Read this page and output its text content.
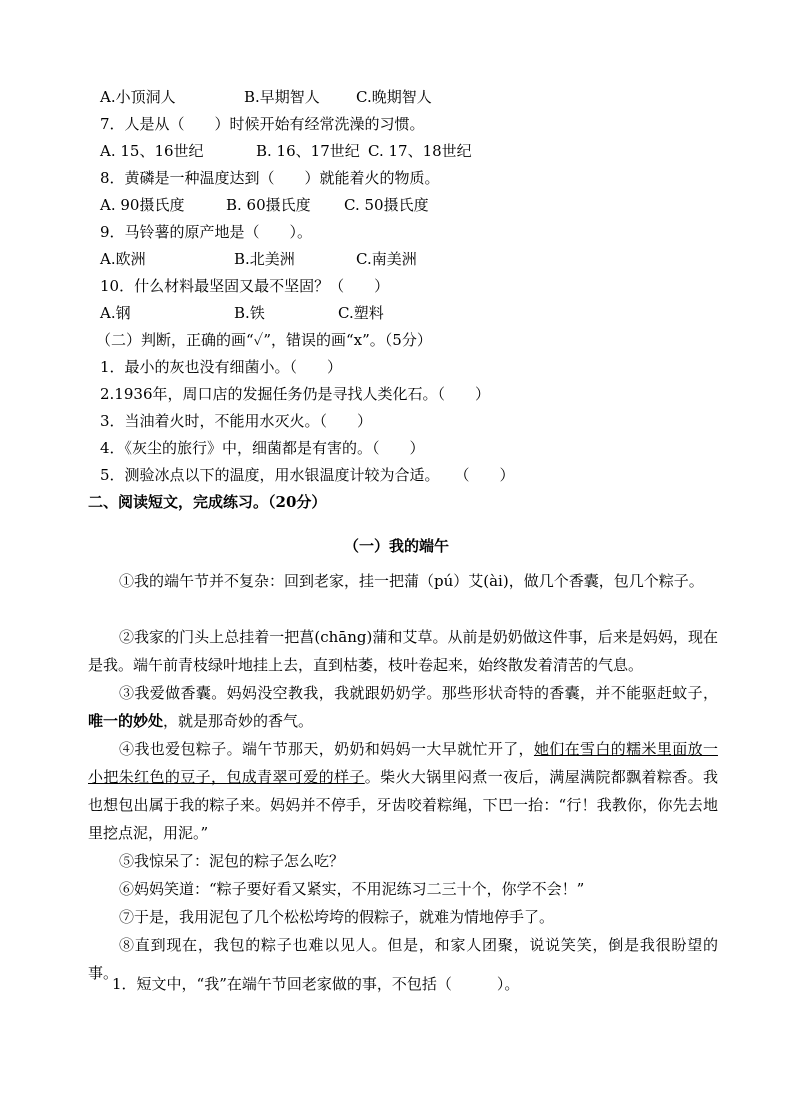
A.小顶洞人	B.早期智人 C.晚期智人
7．人是从（　　）时候开始有经常洗澡的习惯。
A. 15、16世纪	B. 16、17世纪 C. 17、18世纪
8．黄磷是一种温度达到（　　）就能着火的物质。
A. 90摄氏度	B. 60摄氏度 C. 50摄氏度
9．马铃薯的原产地是（　　）。
A.欧洲	B.北美洲	C.南美洲
10．什么材料最坚固又最不坚固？（　　）
A.钢	B.铁	C.塑料
（二）判断，正确的画“✓”，错误的画“x”。（5分）
1．最小的灰也没有细菌小。（　　）
2.1936年，周口店的发掘任务仍是寻找人类化石。（　　）
3．当油着火时，不能用水灭火。（　　）
4．《灰尘的旅行》中，细菌都是有害的。（　　）
5．测验冰点以下的温度，用水银温度计较为合适。　　（　　）
二、阅读短文，完成练习。（20分）
（一）我的端午
①我的端午节并不复杂：回到老家，挂一把蒲（pú）艾(ài)，做几个香囊，包几个粽子。
②我家的门头上总挂着一把菖(chāng)蒲和艾草。从前是奶奶做这件事，后来是妈妈，现在是我。端午前青枝绿叶地挂上去，直到枯萎，枝叶卷起来，始终散发着清苦的气息。
③我爱做香囊。妈妈没空教我，我就跟奶奶学。那些形状奇特的香囊，并不能驱赶蚊子，唯一的妙处，就是那奇妙的香气。
④我也爱包粽子。端午节那天，奶奶和妈妈一大早就忙开了，她们在雪白的糯米里面放一小把朱红色的豆子，包成青翠可爱的样子。柴火大锅里闷煮一夜后，满屋满院都飘着粽香。我也想包出属于我的粽子来。妈妈并不停手，牙齿咬着粽绳，下巴一抬：“行！我教你，你先去地里挖点泥，用泥。”
⑤我惊呆了：泥包的粽子怎么吃？
⑥妈妈笑道：“粽子要好看又紧实，不用泥练习二三十个，你学不会！”
⑦于是，我用泥包了几个松松垮垮的假粽子，就难为情地停手了。
⑧直到现在，我包的粽子也难以见人。但是，和家人团聚，说说笑笑，倒是我很盼望的事。
1．短文中，“我”在端午节回老家做的事，不包括（　　　）。
